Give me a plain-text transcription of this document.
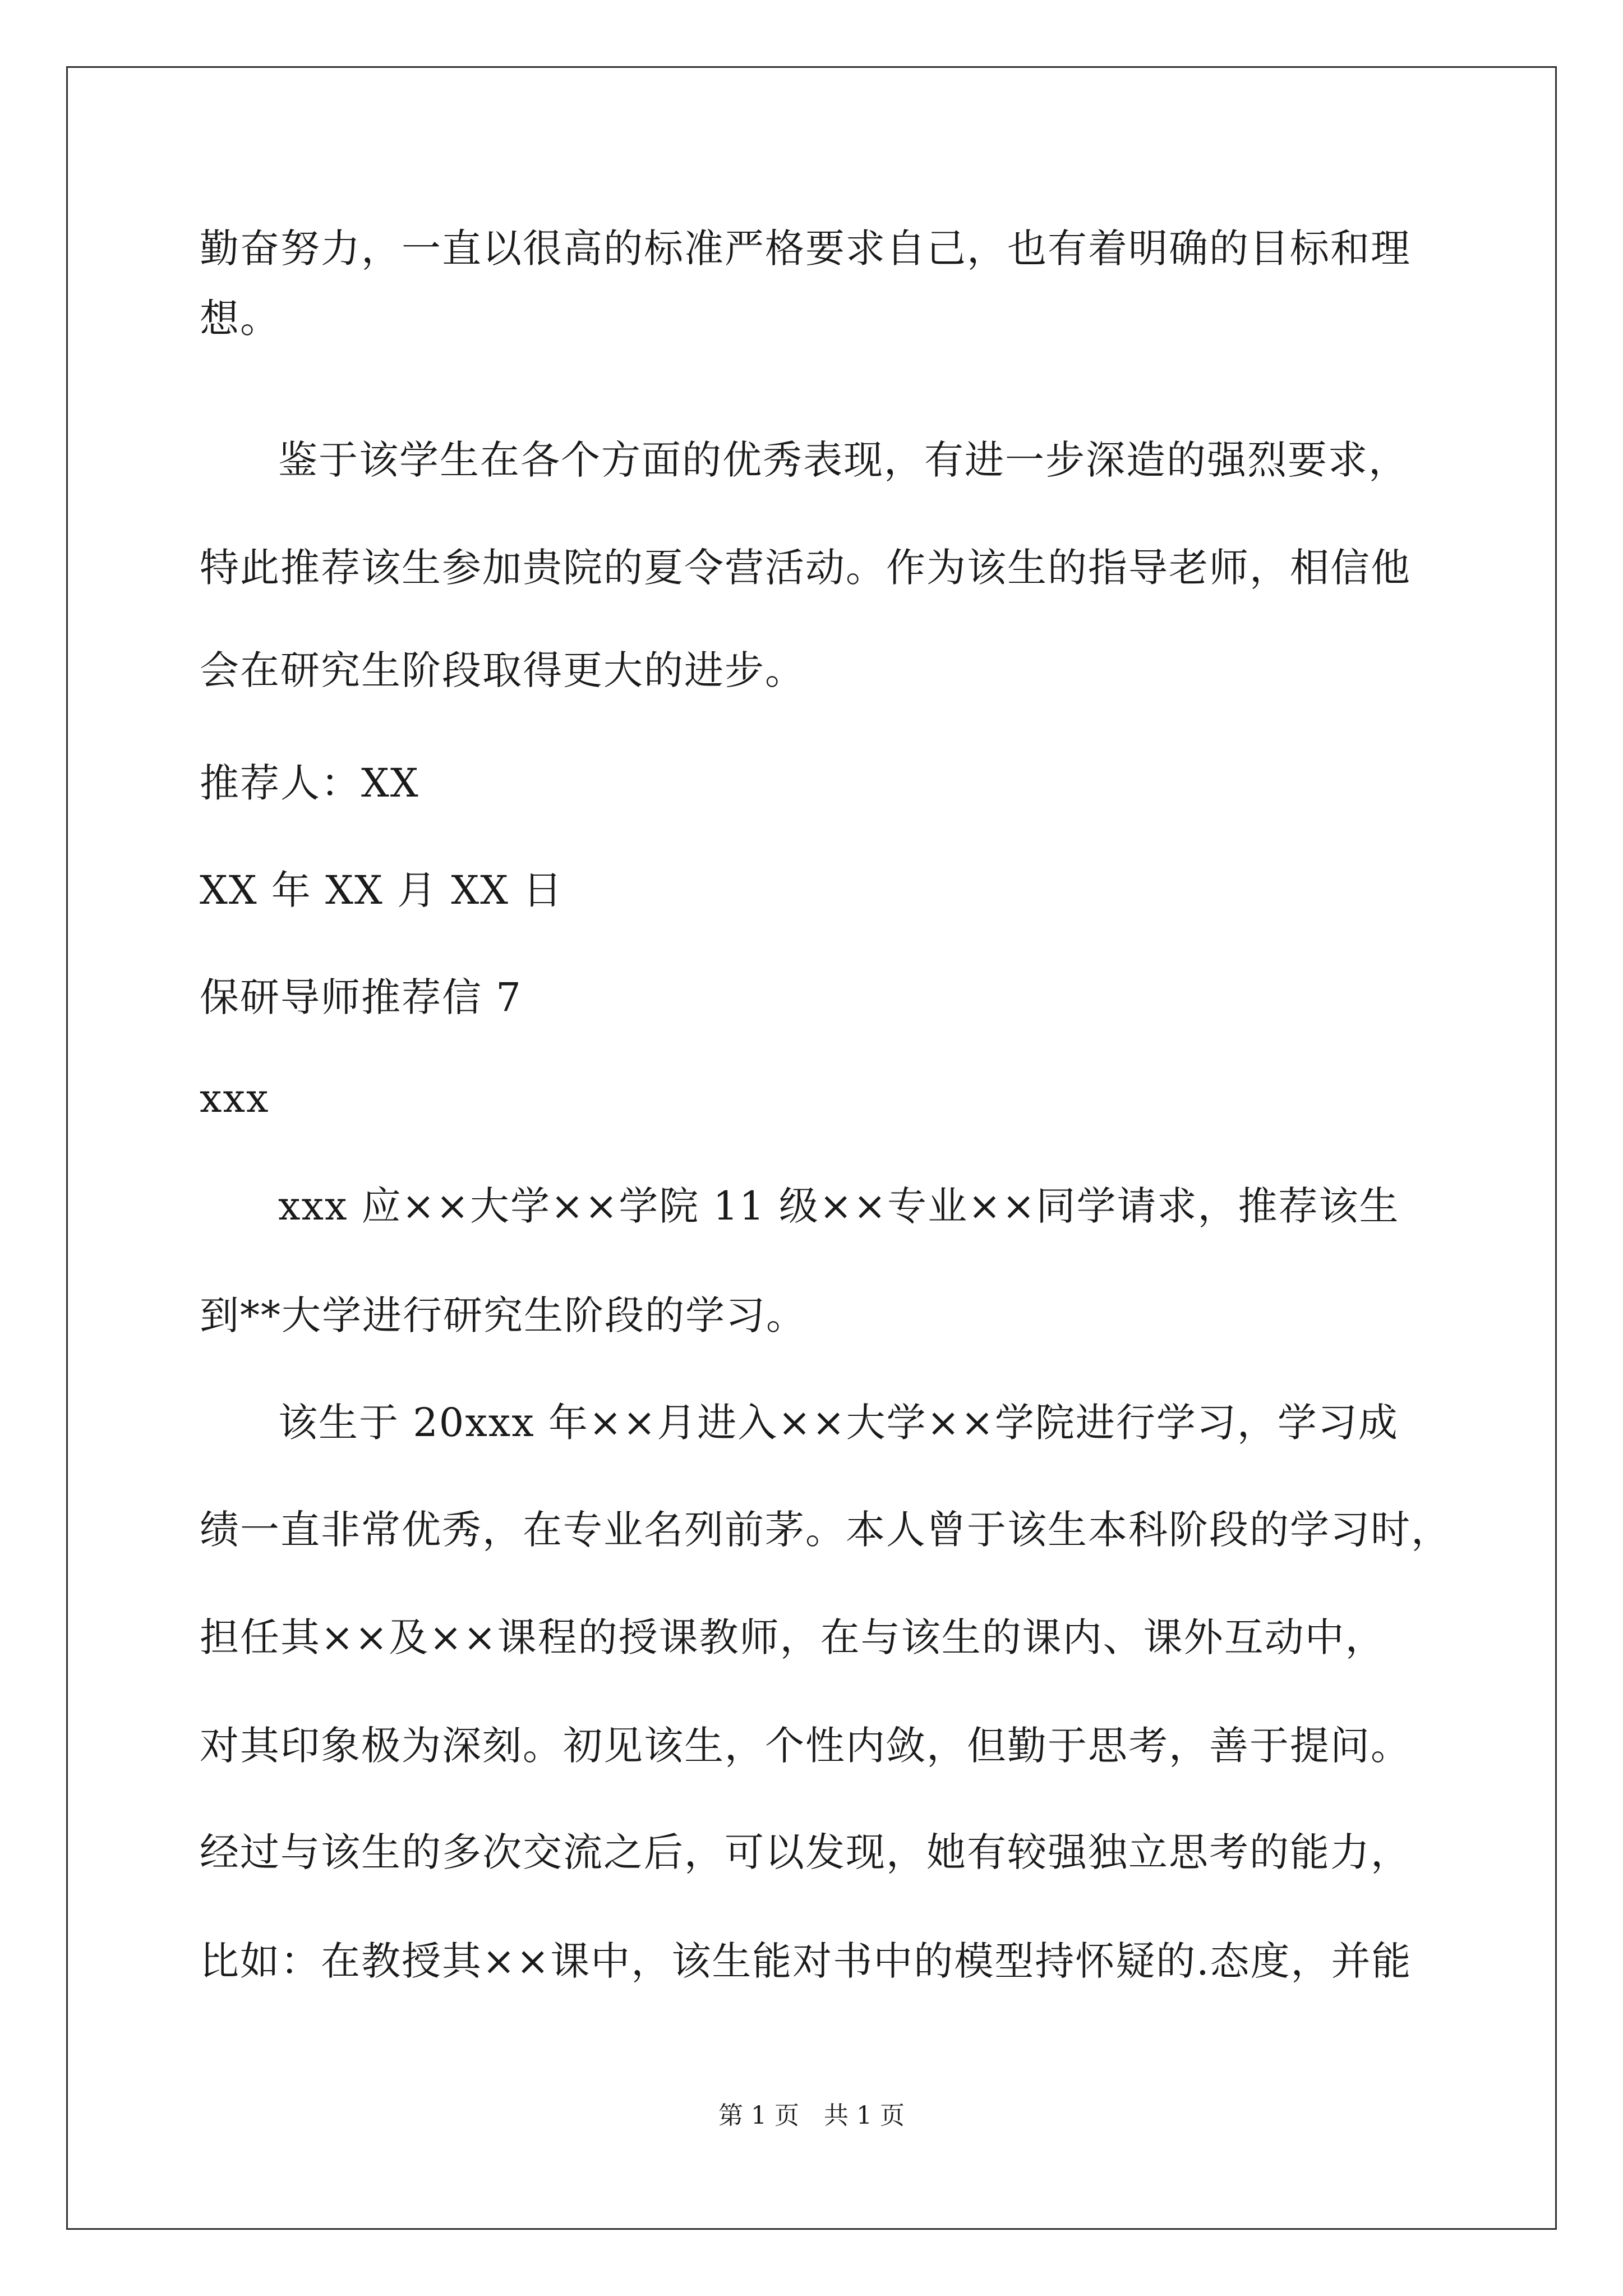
勤奋努力，一直以很高的标准严格要求自己，也有着明确的目标和理
想。
鉴于该学生在各个方面的优秀表现，有进一步深造的强烈要求，
特此推荐该生参加贵院的夏令营活动。作为该生的指导老师，相信他
会在研究生阶段取得更大的进步。
推荐人：XX
XX 年 XX 月 XX 日
保研导师推荐信 7
xxx
xxx 应××大学××学院 11 级××专业××同学请求，推荐该生
到**大学进行研究生阶段的学习。
该生于 20xxx 年××月进入××大学××学院进行学习，学习成
绩一直非常优秀，在专业名列前茅。本人曾于该生本科阶段的学习时，
担任其××及××课程的授课教师，在与该生的课内、课外互动中，
对其印象极为深刻。初见该生，个性内敛，但勤于思考，善于提问。
经过与该生的多次交流之后，可以发现，她有较强独立思考的能力，
比如：在教授其××课中，该生能对书中的模型持怀疑的.态度，并能
第 1 页　共 1 页
